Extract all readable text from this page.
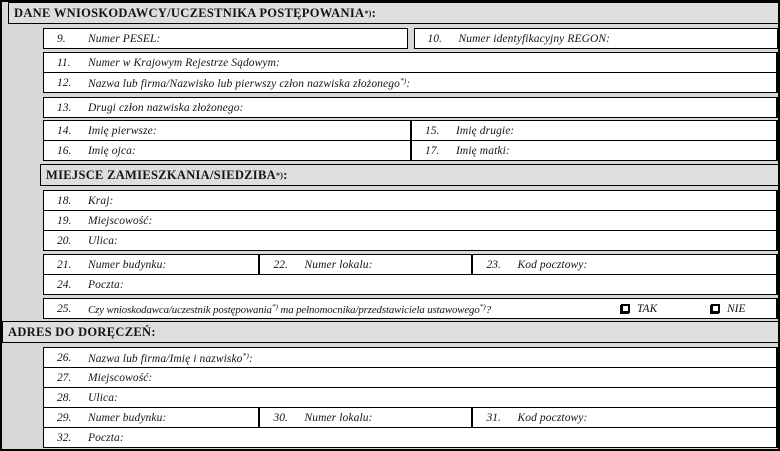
DANE WNIOSKODAWCY/UCZESTNIKA POSTĘPOWANIA *) :
9.	Numer PESEL:	10.	Numer identyfikacyjny REGON:
11.	Numer w Krajowym Rejestrze Sądowym:
12.	Nazwa lub firma/Nazwisko lub pierwszy człon nazwiska złożonego*):
13.	Drugi człon nazwiska złożonego:
14.	Imię pierwsze:	15.	Imię drugie:
16.	Imię ojca:	17.	Imię matki:
MIEJSCE ZAMIESZKANIA/SIEDZIBA *) :
18.	Kraj:
19.	Miejscowość:
20.	Ulica:
21.	Numer budynku:	22.	Numer lokalu:	23.	Kod pocztowy:
24.	Poczta:
25.	Czy wnioskodawca/uczestnik postępowania*) ma pełnomocnika/przedstawiciela ustawowego*)?	TAK	NIE
ADRES DO DORĘCZEŃ:
26.	Nazwa lub firma/Imię i nazwisko*):
27.	Miejscowość:
28.	Ulica:
29.	Numer budynku:	30.	Numer lokalu:	31.	Kod pocztowy:
32.	Poczta:
